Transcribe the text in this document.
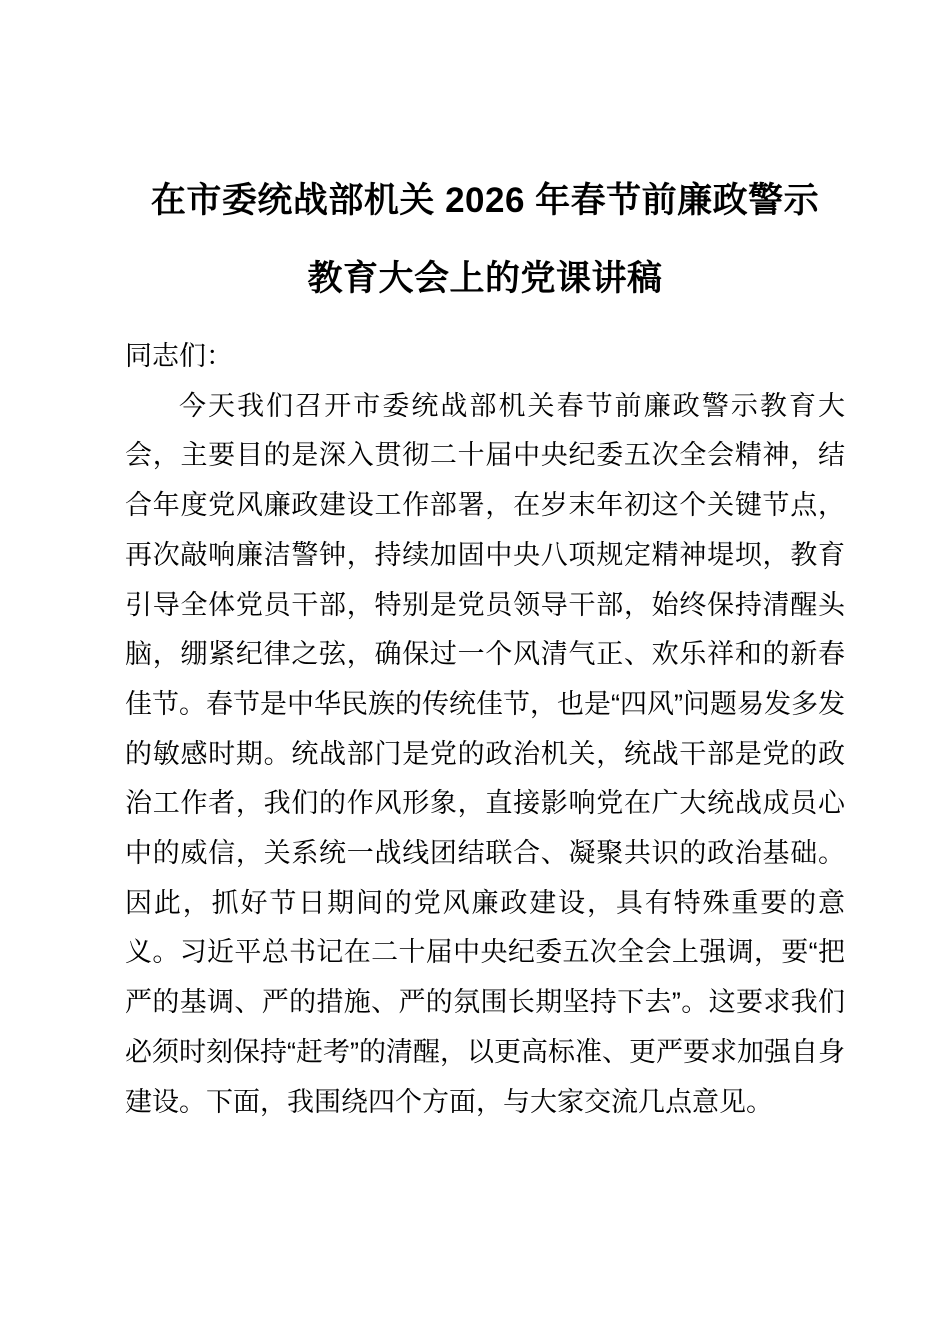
在市委统战部机关 2026 年春节前廉政警示
教育大会上的党课讲稿

同志们：

今天我们召开市委统战部机关春节前廉政警示教育大会，主要目的是深入贯彻二十届中央纪委五次全会精神，结合年度党风廉政建设工作部署，在岁末年初这个关键节点，再次敲响廉洁警钟，持续加固中央八项规定精神堤坝，教育引导全体党员干部，特别是党员领导干部，始终保持清醒头脑，绷紧纪律之弦，确保过一个风清气正、欢乐祥和的新春佳节。春节是中华民族的传统佳节，也是“四风”问题易发多发的敏感时期。统战部门是党的政治机关，统战干部是党的政治工作者，我们的作风形象，直接影响党在广大统战成员心中的威信，关系统一战线团结联合、凝聚共识的政治基础。因此，抓好节日期间的党风廉政建设，具有特殊重要的意义。习近平总书记在二十届中央纪委五次全会上强调，要“把严的基调、严的措施、严的氛围长期坚持下去”。这要求我们必须时刻保持“赶考”的清醒，以更高标准、更严要求加强自身建设。下面，我围绕四个方面，与大家交流几点意见。
